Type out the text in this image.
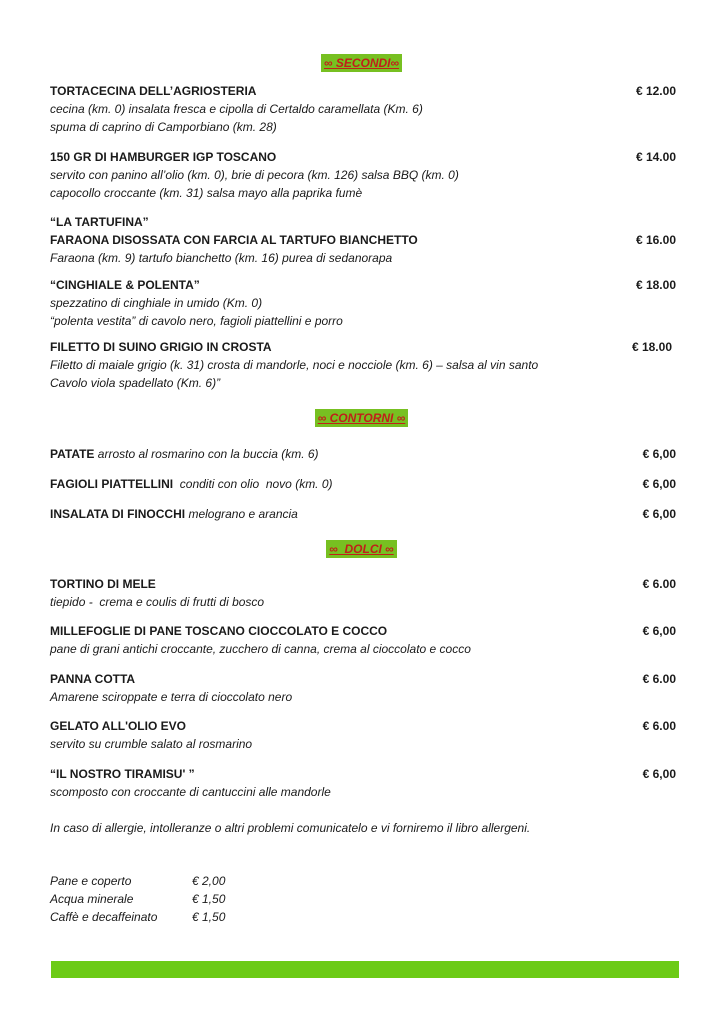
∞ SECONDI∞
TORTACECINA DELL’AGRIOSTERIA	€ 12.00
cecina (km. 0) insalata fresca e cipolla di Certaldo caramellata (Km. 6)
spuma di caprino di Camporbiano (km. 28)
150 GR DI HAMBURGER IGP TOSCANO	€ 14.00
servito con panino all’olio (km. 0), brie di pecora (km. 126) salsa BBQ (km. 0)
capocollo croccante (km. 31) salsa mayo alla paprika fumè
“LA TARTUFINA”
FARAONA DISOSSATA CON FARCIA AL TARTUFO BIANCHETTO	€ 16.00
Faraona (km. 9) tartufo bianchetto (km. 16) purea di sedanorapa
“CINGHIALE & POLENTA”	€ 18.00
spezzatino di cinghiale in umido (Km. 0)
“polenta vestita” di cavolo nero, fagioli piattellini e porro
FILETTO DI SUINO GRIGIO IN CROSTA	€ 18.00
Filetto di maiale grigio (k. 31) crosta di mandorle, noci e nocciole (km. 6) – salsa al vin santo
Cavolo viola spadellato (Km. 6)”
∞ CONTORNI ∞
PATATE arrosto al rosmarino con la buccia (km. 6)	€ 6,00
FAGIOLI PIATTELLINI  conditi con olio  novo (km. 0)	€ 6,00
INSALATA DI FINOCCHI melograno e arancia	€ 6,00
∞  DOLCI ∞
TORTINO DI MELE	€ 6.00
tiepido -  crema e coulis di frutti di bosco
MILLEFOGLIE DI PANE TOSCANO CIOCCOLATO E COCCO	€ 6,00
pane di grani antichi croccante, zucchero di canna, crema al cioccolato e cocco
PANNA COTTA	€ 6.00
Amarene sciroppate e terra di cioccolato nero
GELATO ALL'OLIO EVO	€ 6.00
servito su crumble salato al rosmarino
“IL NOSTRO TIRAMISU' ”	€ 6,00
scomposto con croccante di cantuccini alle mandorle
In caso di allergie, intolleranze o altri problemi comunicatelo e vi forniremo il libro allergeni.
Pane e coperto	€ 2,00
Acqua minerale	€ 1,50
Caffè e decaffeinato	€ 1,50
